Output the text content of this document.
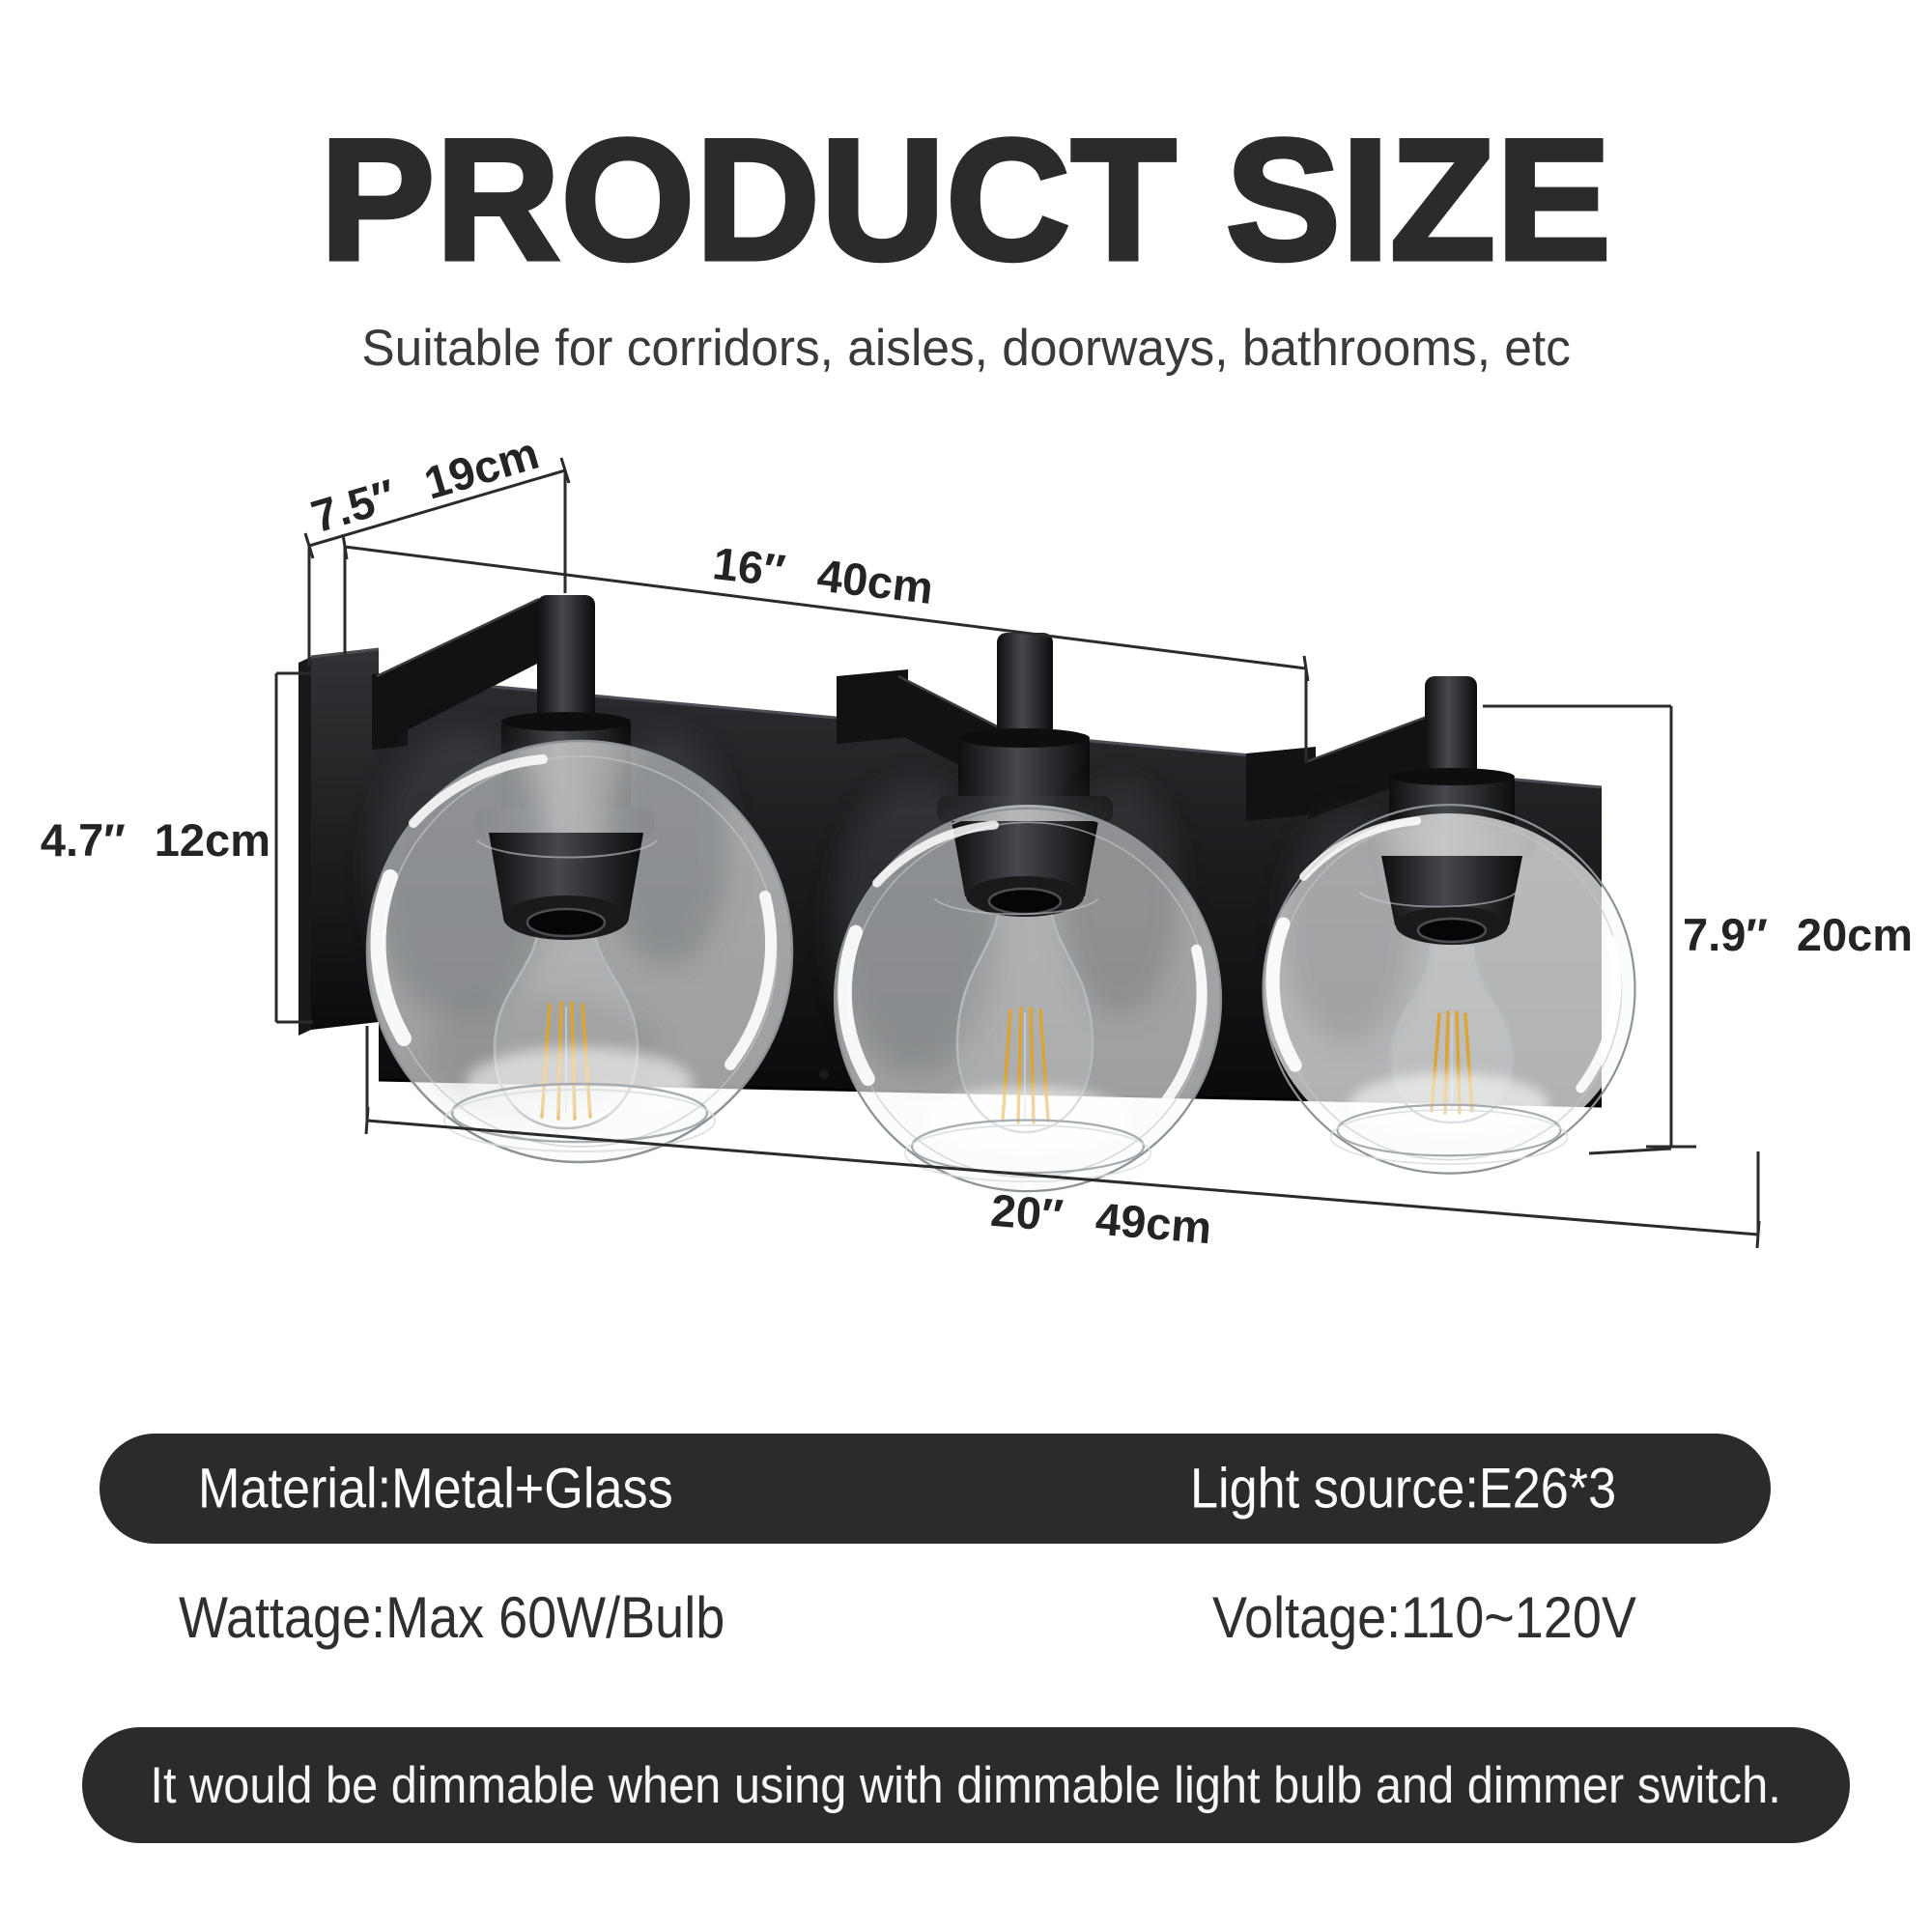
PRODUCT SIZE
Suitable for corridors, aisles, doorways, bathrooms, etc
7.5″ 19cm
16″ 40cm
4.7″ 12cm
7.9″ 20cm
20″ 49cm
Material:Metal+Glass	Light source:E26*3
Wattage:Max 60W/Bulb	Voltage:110~120V
It would be dimmable when using with dimmable light bulb and dimmer switch.
